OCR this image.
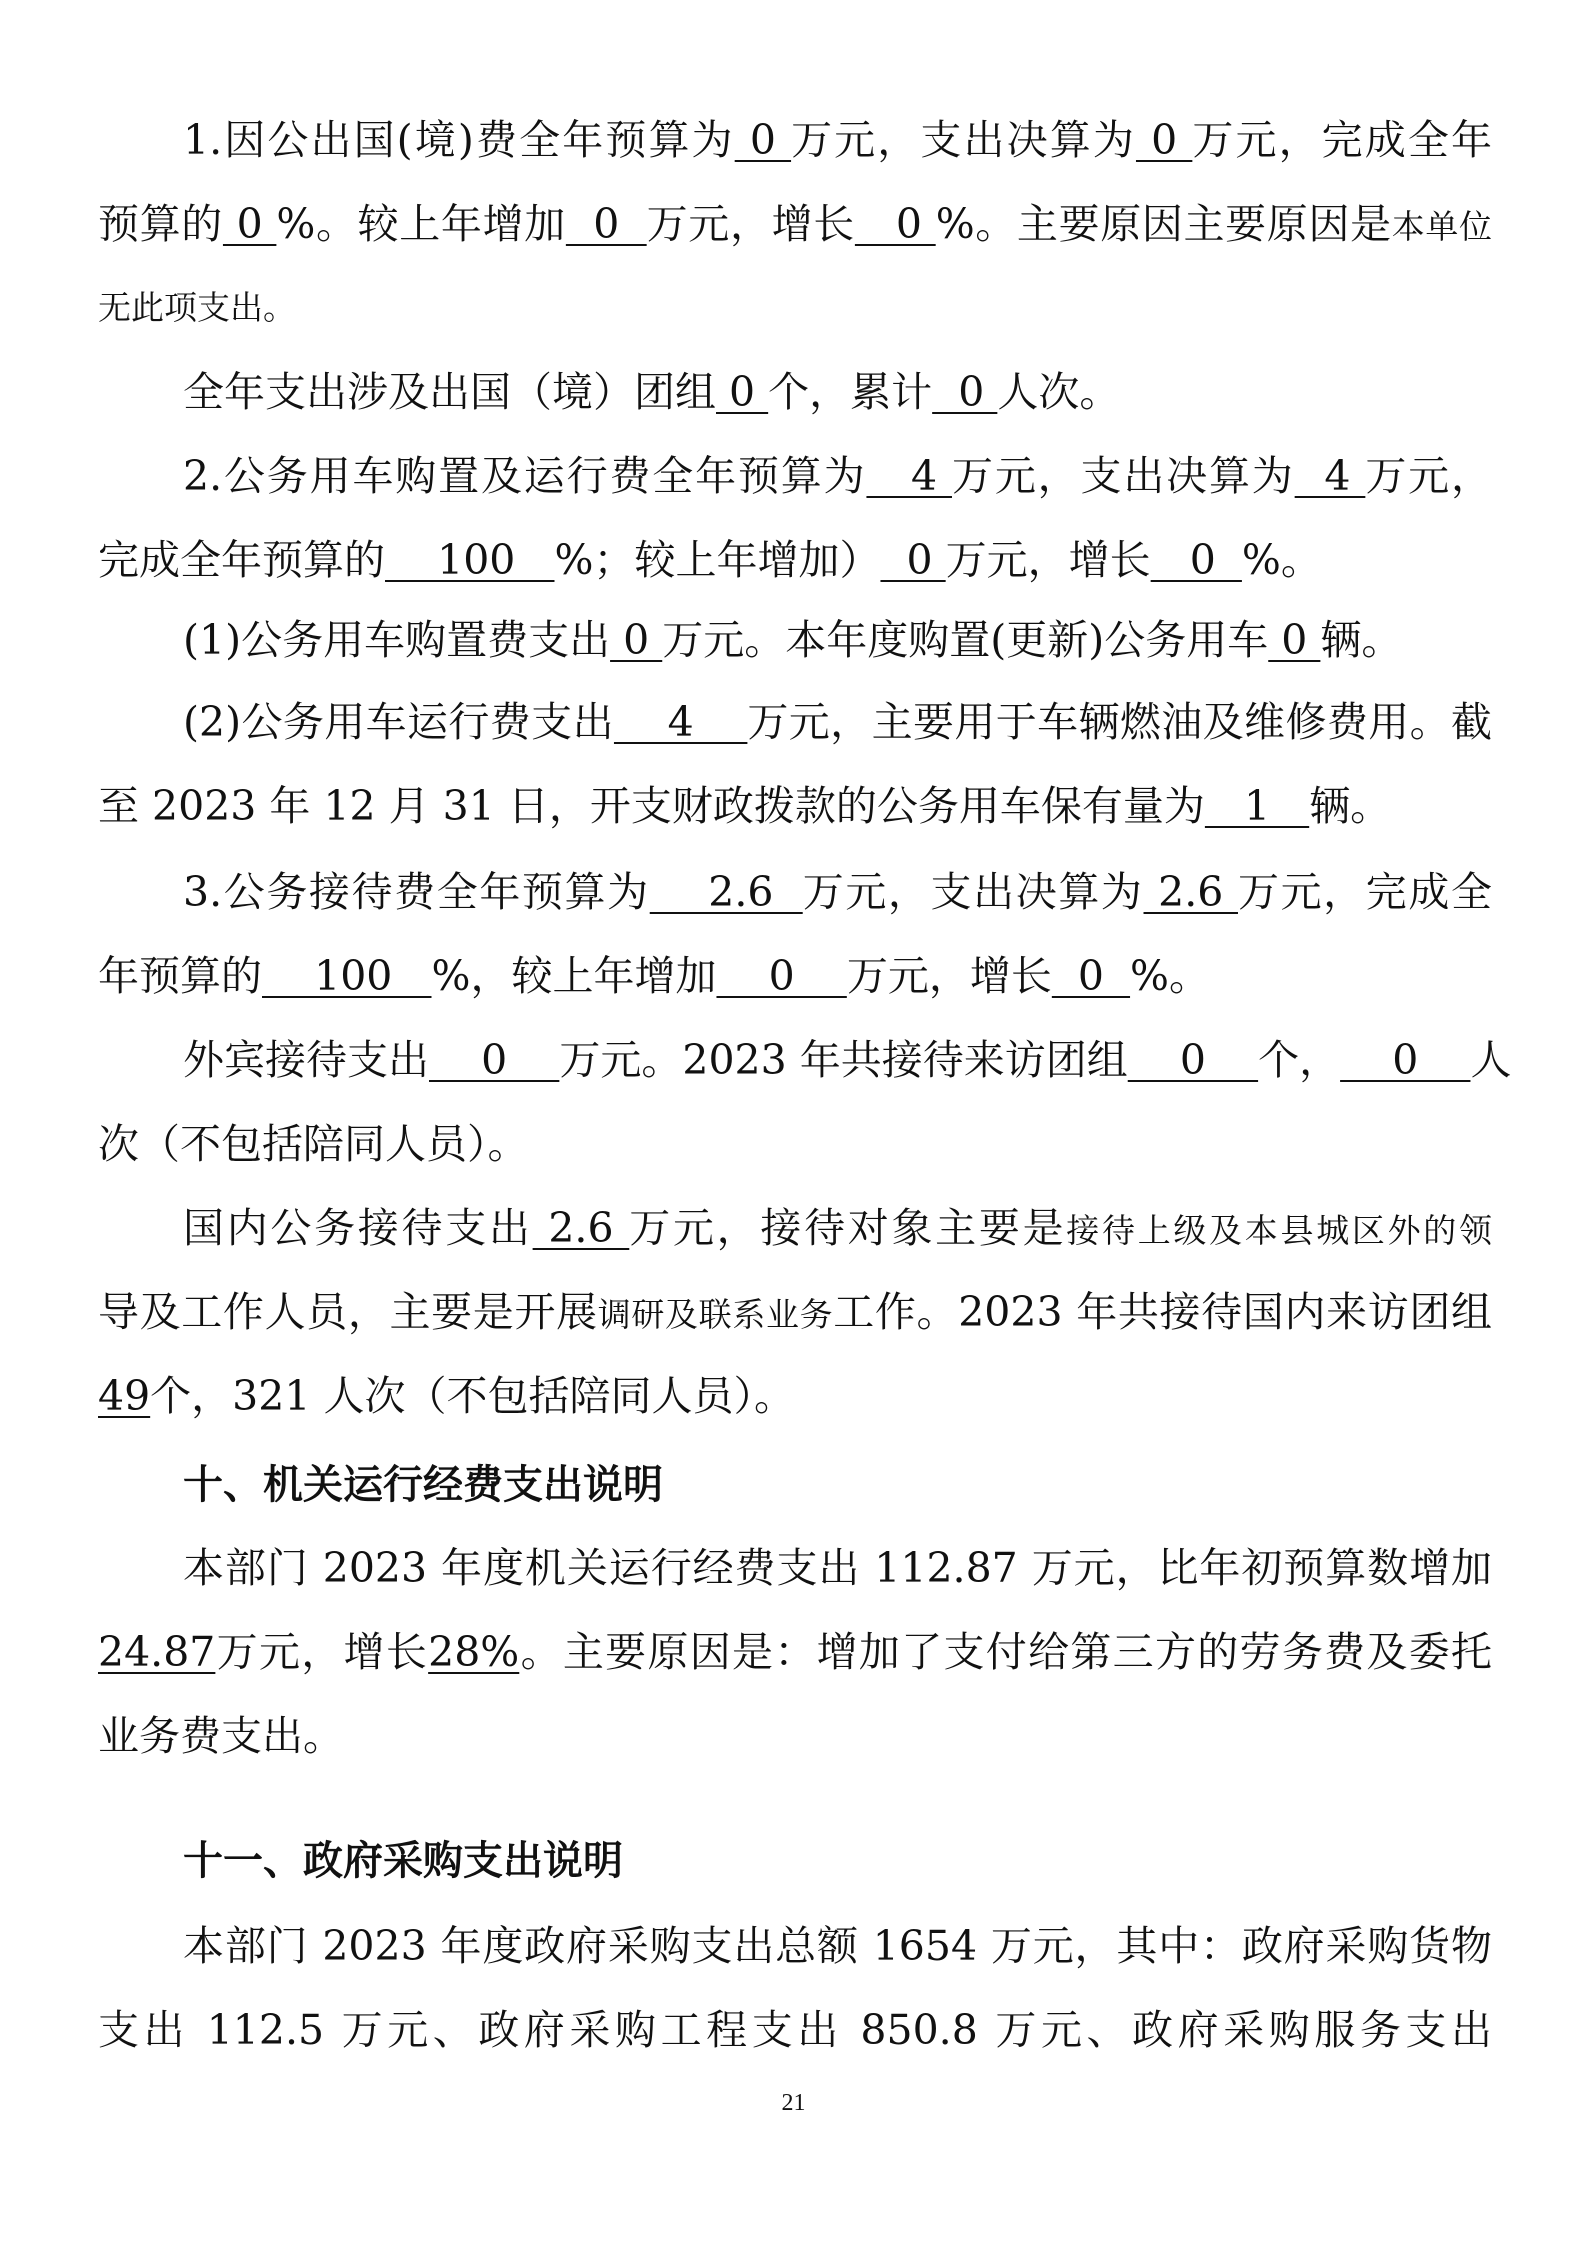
1.因公出国(境)费全年预算为 0 万元，支出决算为 0 万元，完成全年
预算的 0 %。较上年增加  0  万元，增长   0 %。主要原因主要原因是本单位
无此项支出。
全年支出涉及出国（境）团组 0 个，累计  0 人次。
2.公务用车购置及运行费全年预算为   4 万元，支出决算为  4 万元，
完成全年预算的    100   %；较上年增加）  0 万元，增长   0  %。
(1)公务用车购置费支出 0 万元。本年度购置(更新)公务用车 0 辆。
(2)公务用车运行费支出    4    万元，主要用于车辆燃油及维修费用。截
至 2023 年 12 月 31 日，开支财政拨款的公务用车保有量为   1   辆。
3.公务接待费全年预算为    2.6  万元，支出决算为 2.6 万元，完成全
年预算的    100   %，较上年增加    0    万元，增长  0  %。
外宾接待支出    0    万元。2023 年共接待来访团组    0    个，    0    人
次（不包括陪同人员）。
国内公务接待支出 2.6 万元，接待对象主要是接待上级及本县城区外的领
导及工作人员，主要是开展调研及联系业务工作。2023 年共接待国内来访团组
49个，321 人次（不包括陪同人员）。
十、机关运行经费支出说明
本部门 2023 年度机关运行经费支出 112.87 万元，比年初预算数增加
24.87万元，增长28%。主要原因是：增加了支付给第三方的劳务费及委托
业务费支出。
十一、政府采购支出说明
本部门 2023 年度政府采购支出总额 1654 万元，其中：政府采购货物
支出 112.5 万元、政府采购工程支出 850.8 万元、政府采购服务支出
21
